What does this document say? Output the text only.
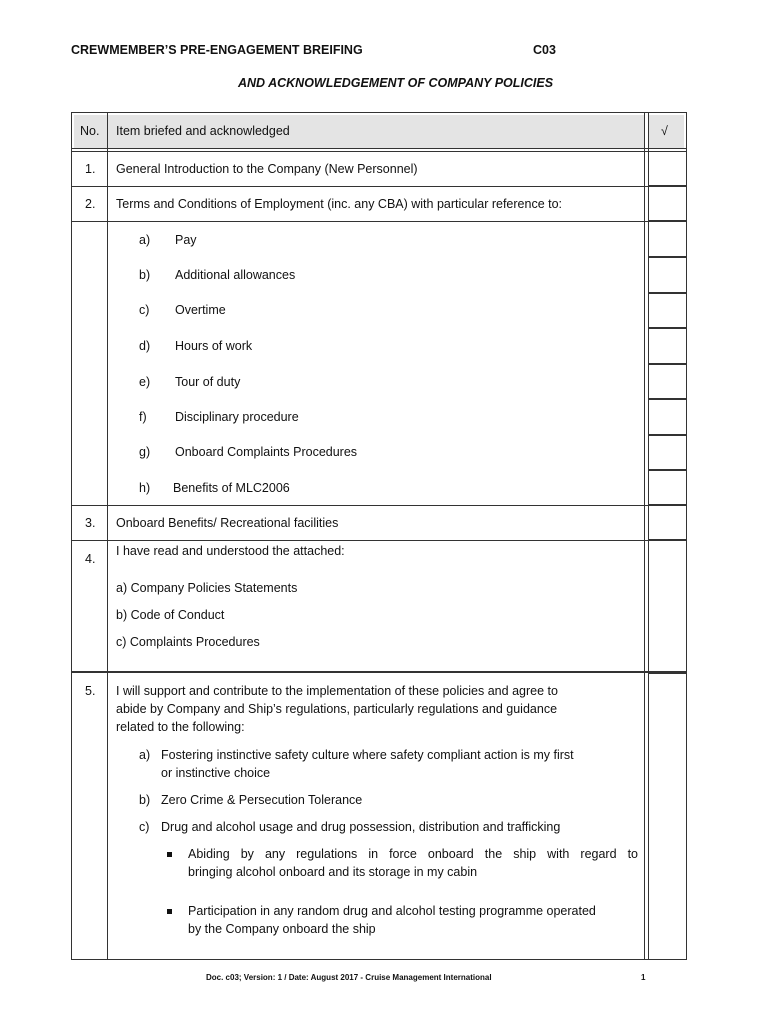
CREWMEMBER’S PRE-ENGAGEMENT BREIFING	C03
AND ACKNOWLEDGEMENT OF COMPANY POLICIES
No. Item briefed and acknowledged	√
1. General Introduction to the Company (New Personnel)
2. Terms and Conditions of Employment (inc. any CBA) with particular reference to:
a) Pay
b) Additional allowances
c) Overtime
d) Hours of work
e) Tour of duty
f) Disciplinary procedure
g) Onboard Complaints Procedures
h) Benefits of MLC2006
3. Onboard Benefits/ Recreational facilities
4.
I have read and understood the attached:
a) Company Policies Statements
b) Code of Conduct
c) Complaints Procedures
5. I will support and contribute to the implementation of these policies and agree to
abide by Company and Ship’s regulations, particularly regulations and guidance
related to the following:
a) Fostering instinctive safety culture where safety compliant action is my first
or instinctive choice
b) Zero Crime & Persecution Tolerance
c) Drug and alcohol usage and drug possession, distribution and trafficking
Abiding by any regulations in force onboard the ship with regard to
bringing alcohol onboard and its storage in my cabin
Participation in any random drug and alcohol testing programme operated
by the Company onboard the ship
Doc. c03; Version: 1 / Date: August 2017 - Cruise Management International	1
